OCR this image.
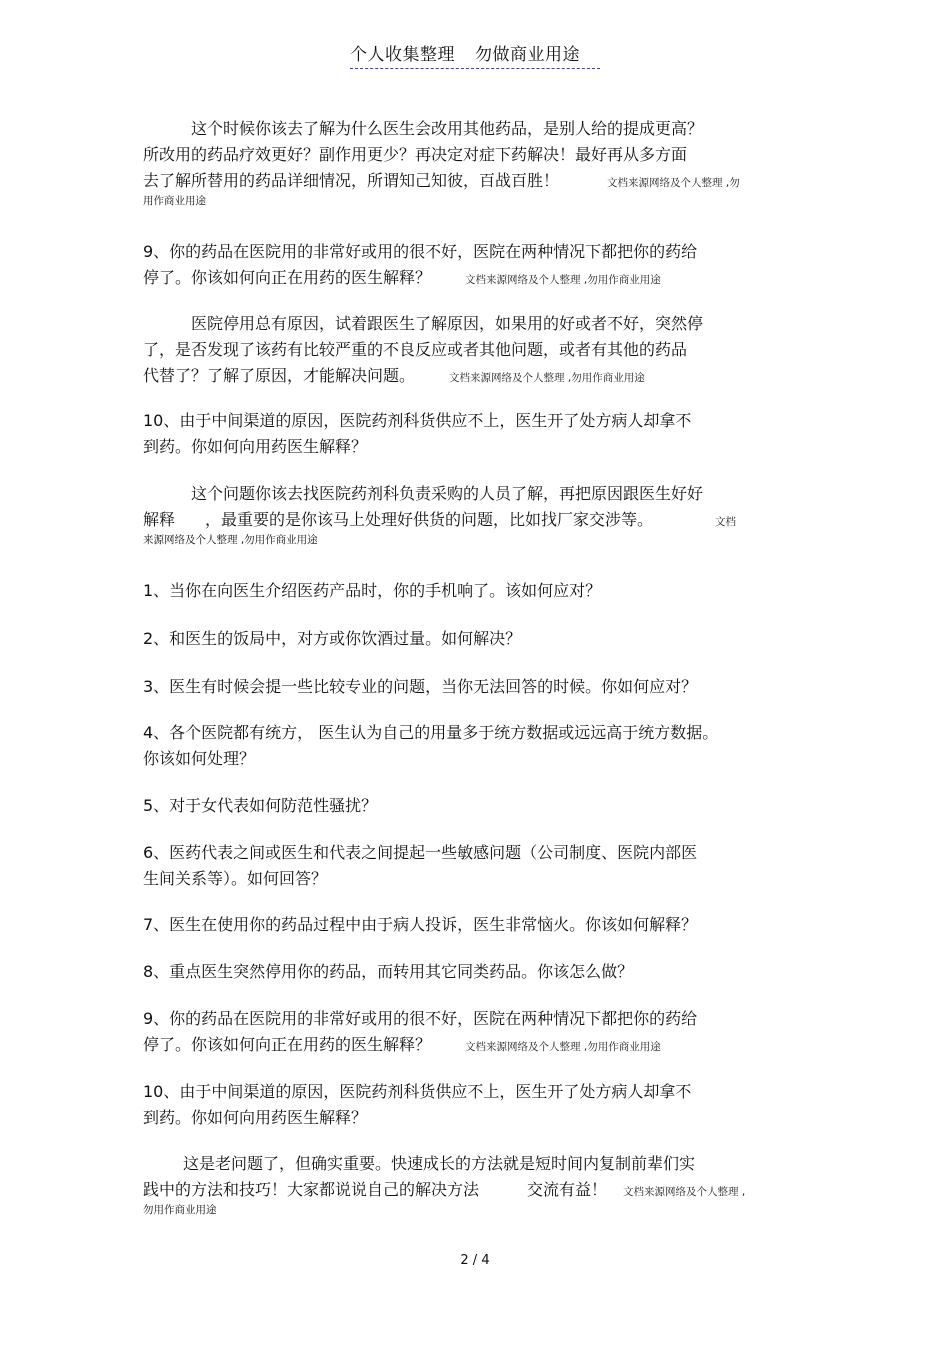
个人收集整理 勿做商业用途
这个时候你该去了解为什么医生会改用其他药品，是别人给的提成更高？
所改用的药品疗效更好？副作用更少？再决定对症下药解决！最好再从多方面
去了解所替用的药品详细情况，所谓知己知彼，百战百胜！	文档来源网络及个人整理 ,勿
用作商业用途
9、你的药品在医院用的非常好或用的很不好，医院在两种情况下都把你的药给
停了。你该如何向正在用药的医生解释？	文档来源网络及个人整理 ,勿用作商业用途
医院停用总有原因，试着跟医生了解原因，如果用的好或者不好，突然停
了，是否发现了该药有比较严重的不良反应或者其他问题，或者有其他的药品
代替了？了解了原因，才能解决问题。	文档来源网络及个人整理 ,勿用作商业用途
10、由于中间渠道的原因，医院药剂科货供应不上，医生开了处方病人却拿不
到药。你如何向用药医生解释？
这个问题你该去找医院药剂科负责采购的人员了解，再把原因跟医生好好
解释 ，最重要的是你该马上处理好供货的问题，比如找厂家交涉等。	文档
来源网络及个人整理 ,勿用作商业用途
1、当你在向医生介绍医药产品时，你的手机响了。该如何应对？
2、和医生的饭局中，对方或你饮酒过量。如何解决？
3、医生有时候会提一些比较专业的问题，当你无法回答的时候。你如何应对？
4、各个医院都有统方， 医生认为自己的用量多于统方数据或远远高于统方数据。
你该如何处理？
5、对于女代表如何防范性骚扰？
6、医药代表之间或医生和代表之间提起一些敏感问题（公司制度、医院内部医
生间关系等）。如何回答？
7、医生在使用你的药品过程中由于病人投诉，医生非常恼火。你该如何解释？
8、重点医生突然停用你的药品，而转用其它同类药品。你该怎么做？
9、你的药品在医院用的非常好或用的很不好，医院在两种情况下都把你的药给
停了。你该如何向正在用药的医生解释？	文档来源网络及个人整理 ,勿用作商业用途
10、由于中间渠道的原因，医院药剂科货供应不上，医生开了处方病人却拿不
到药。你如何向用药医生解释？
这是老问题了，但确实重要。快速成长的方法就是短时间内复制前辈们实
践中的方法和技巧！大家都说说自己的解决方法	交流有益！ 文档来源网络及个人整理 ,
勿用作商业用途
2 / 4
